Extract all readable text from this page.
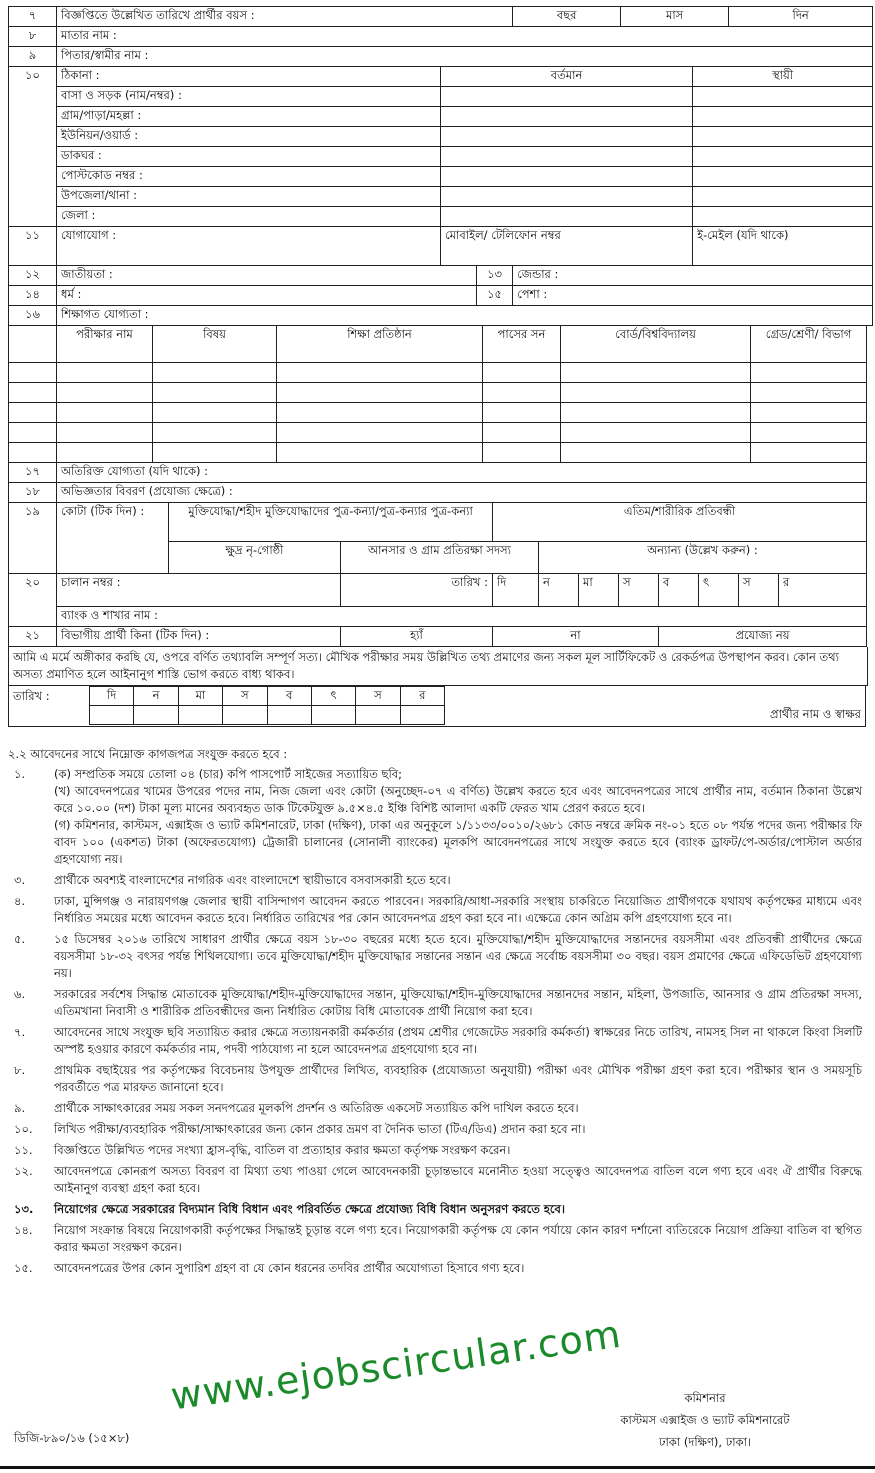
৭	বিজ্ঞপ্তিতে উল্লেখিত তারিখে প্রার্থীর বয়স :			বছর	মাস		দিন
৮	মাতার নাম :						
৯	পিতার/স্বামীর নাম :						
১০	ঠিকানা :	বর্তমান				স্থায়ী	
	বাসা ও সড়ক (নাম/নম্বর) :						
	গ্রাম/পাড়া/মহল্লা :						
	ইউনিয়ন/ওয়ার্ড :						
	ডাকঘর :						
	পোস্টকোড নম্বর :						
	উপজেলা/থানা :						
	জেলা :						
১১	যোগাযোগ :	মোবাইল/ টেলিফোন নম্বর				ই-মেইল (যদি থাকে)	
১২	জাতীয়তা :		১৩	জেন্ডার :			
১৪	ধর্ম :		১৫	পেশা :			
১৬	শিক্ষাগত যোগ্যতা :						
	পরীক্ষার নাম	বিষয়	শিক্ষা প্রতিষ্ঠান	পাসের সন	বোর্ড/বিশ্ববিদ্যালয়	গ্রেড/শ্রেণী/ বিভাগ

১৭	অতিরিক্ত যোগ্যতা (যদি থাকে) :										
১৮	অভিজ্ঞতার বিবরণ (প্রযোজ্য ক্ষেত্রে) :										
১৯	কোটা (টিক দিন) :	মুক্তিযোদ্ধা/শহীদ মুক্তিযোদ্ধাদের পুত্র-কন্যা/পুত্র-কন্যার পুত্র-কন্যা		এতিম/শারীরিক প্রতিবন্ধী							
		ক্ষুদ্র নৃ-গোষ্ঠী	আনসার ও গ্রাম প্রতিরক্ষা সদস্য		অন্যান্য (উল্লেখ করুন) :						
২০	চালান নম্বর :		তারিখ :	দি	ন	মা	স	ব	ৎ	স	র
	ব্যাংক ও শাখার নাম :										
২১	বিভাগীয় প্রার্থী কিনা (টিক দিন) :		হ্যাঁ	না				প্রযোজ্য নয়			
আমি এ মর্মে অঙ্গীকার করছি যে, ওপরে বর্ণিত তথ্যাবলি সম্পূর্ণ সত্য। মৌখিক পরীক্ষার সময় উল্লিখিত তথ্য প্রমাণের জন্য সকল মূল সার্টিফিকেট ও রেকর্ডপত্র উপস্থাপন করব। কোন তথ্য অসত্য প্রমাণিত হলে আইনানুগ শাস্তি ভোগ করতে বাধ্য থাকব।
তারিখ :	দি	ন	মা	স	ব	ৎ	স	র

প্রার্থীর নাম ও স্বাক্ষর
২.২ আবেদনের সাথে নিম্নোক্ত কাগজপত্র সংযুক্ত করতে হবে :
১.	(ক) সম্প্রতিক সময়ে তোলা ০৪ (চার) কপি পাসপোর্ট সাইজের সত্যায়িত ছবি;
(খ) আবেদনপত্রের খামের উপরের পদের নাম, নিজ জেলা এবং কোটা (অনুচ্ছেদ-০৭ এ বর্ণিত) উল্লেখ করতে হবে এবং আবেদনপত্রের সাথে প্রার্থীর নাম, বর্তমান ঠিকানা উল্লেখ করে ১০.০০ (দশ) টাকা মূল্য মানের অব্যবহৃত ডাক টিকেটযুক্ত ৯.৫×৪.৫ ইঞ্চি বিশিষ্ট আলাদা একটি ফেরত খাম প্রেরণ করতে হবে।
(গ) কমিশনার, কাস্টমস, এক্সাইজ ও ভ্যাট কমিশনারেট, ঢাকা (দক্ষিণ), ঢাকা এর অনুকূলে ১/১১৩৩/০০১০/২৬৮১ কোড নম্বরে ক্রমিক নং-০১ হতে ০৮ পর্যন্ত পদের জন্য পরীক্ষার ফি বাবদ ১০০ (একশত) টাকা (অফেরতযোগ্য) ট্রেজারী চালানের (সোনালী ব্যাংকের) মূলকপি আবেদনপত্রের সাথে সংযুক্ত করতে হবে (ব্যাংক ড্রাফট/পে-অর্ডার/পোস্টাল অর্ডার গ্রহণযোগ্য নয়।
৩.	প্রার্থীকে অবশ্যই বাংলাদেশের নাগরিক এবং বাংলাদেশে স্থায়ীভাবে বসবাসকারী হতে হবে।
৪.	ঢাকা, মুন্সিগঞ্জ ও নারায়ণগঞ্জ জেলার স্থায়ী বাসিন্দাগণ আবেদন করতে পারবেন। সরকারি/আধা-সরকারি সংস্থায় চাকরিতে নিয়োজিত প্রার্থীগণকে যথাযথ কর্তৃপক্ষের মাধ্যমে এবং নির্ধারিত সময়ের মধ্যে আবেদন করতে হবে। নির্ধারিত তারিখের পর কোন আবেদনপত্র গ্রহণ করা হবে না। এক্ষেত্রে কোন অগ্রিম কপি গ্রহণযোগ্য হবে না।
৫.	১৫ ডিসেম্বর ২০১৬ তারিখে সাধারণ প্রার্থীর ক্ষেত্রে বয়স ১৮-৩০ বছরের মধ্যে হতে হবে। মুক্তিযোদ্ধা/শহীদ মুক্তিযোদ্ধাদের সন্তানদের বয়সসীমা এবং প্রতিবন্ধী প্রার্থীদের ক্ষেত্রে বয়সসীমা ১৮-৩২ বৎসর পর্যন্ত শিথিলযোগ্য। তবে মুক্তিযোদ্ধা/শহীদ মুক্তিযোদ্ধার সন্তানের সন্তান এর ক্ষেত্রে সর্বোচ্চ বয়সসীমা ৩০ বছর। বয়স প্রমাণের ক্ষেত্রে এফিডেভিট গ্রহণযোগ্য নয়।
৬.	সরকারের সর্বশেষ সিদ্ধান্ত মোতাবেক মুক্তিযোদ্ধা/শহীদ-মুক্তিযোদ্ধাদের সন্তান, মুক্তিযোদ্ধা/শহীদ-মুক্তিযোদ্ধাদের সন্তানদের সন্তান, মহিলা, উপজাতি, আনসার ও গ্রাম প্রতিরক্ষা সদস্য, এতিমখানা নিবাসী ও শারীরিক প্রতিবন্ধীদের জন্য নির্ধারিত কোটায় বিধি মোতাবেক প্রার্থী নিয়োগ করা হবে।
৭.	আবেদনের সাথে সংযুক্ত ছবি সত্যায়িত করার ক্ষেত্রে সত্যায়নকারী কর্মকর্তার (প্রথম শ্রেণীর গেজেটেড সরকারি কর্মকর্তা) স্বাক্ষরের নিচে তারিখ, নামসহ সিল না থাকলে কিংবা সিলটি অস্পষ্ট হওয়ার কারণে কর্মকর্তার নাম, পদবী পাঠযোগ্য না হলে আবেদনপত্র গ্রহণযোগ্য হবে না।
৮.	প্রাথমিক বছাইয়ের পর কর্তৃপক্ষের বিবেচনায় উপযুক্ত প্রার্থীদের লিখিত, ব্যবহারিক (প্রযোজ্যতা অনুযায়ী) পরীক্ষা এবং মৌখিক পরীক্ষা গ্রহণ করা হবে। পরীক্ষার স্থান ও সময়সূচি পরবর্তীতে পত্র মারফত জানানো হবে।
৯.	প্রার্থীকে সাক্ষাৎকারের সময় সকল সনদপত্রের মূলকপি প্রদর্শন ও অতিরিক্ত একসেট সত্যায়িত কপি দাখিল করতে হবে।
১০.	লিখিত পরীক্ষা/ব্যবহারিক পরীক্ষা/সাক্ষাৎকারের জন্য কোন প্রকার ভ্রমণ বা দৈনিক ভাতা (টিএ/ডিএ) প্রদান করা হবে না।
১১.	বিজ্ঞপ্তিতে উল্লিখিত পদের সংখ্যা হ্রাস-বৃদ্ধি, বাতিল বা প্রত্যাহার করার ক্ষমতা কর্তৃপক্ষ সংরক্ষণ করেন।
১২.	আবেদনপত্রে কোনরূপ অসত্য বিবরণ বা মিথ্যা তথ্য পাওয়া গেলে আবেদনকারী চূড়ান্তভাবে মনোনীত হওয়া সত্ত্বেও আবেদনপত্র বাতিল বলে গণ্য হবে এবং ঐ প্রার্থীর বিরুদ্ধে আইনানুগ ব্যবস্থা গ্রহণ করা হবে।
১৩.	নিয়োগের ক্ষেত্রে সরকারের বিদ্যমান বিধি বিধান এবং পরিবর্তিত ক্ষেত্রে প্রযোজ্য বিধি বিধান অনুসরণ করতে হবে।
১৪.	নিয়োগ সংক্রান্ত বিষয়ে নিয়োগকারী কর্তৃপক্ষের সিদ্ধান্তই চূড়ান্ত বলে গণ্য হবে। নিয়োগকারী কর্তৃপক্ষ যে কোন পর্যায়ে কোন কারণ দর্শানো ব্যতিরেকে নিয়োগ প্রক্রিয়া বাতিল বা স্থগিত করার ক্ষমতা সংরক্ষণ করেন।
১৫.	আবেদনপত্রের উপর কোন সুপারিশ গ্রহণ বা যে কোন ধরনের তদবির প্রার্থীর অযোগ্যতা হিসাবে গণ্য হবে।
কমিশনার
কাস্টমস এক্সাইজ ও ভ্যাট কমিশনারেট
ঢাকা (দক্ষিণ), ঢাকা।
ডিজি-৮৯০/১৬ (১৫×৮)
www.ejobscircular.com
